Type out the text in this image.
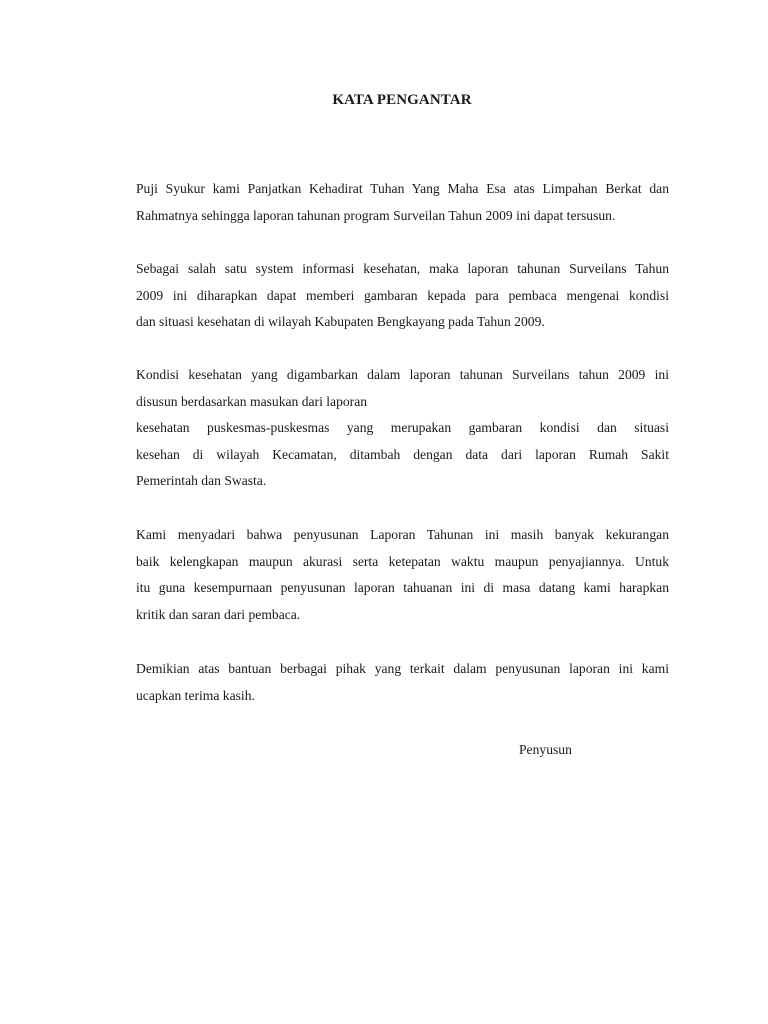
KATA PENGANTAR
Puji Syukur kami Panjatkan Kehadirat Tuhan Yang Maha Esa atas Limpahan Berkat dan
Rahmatnya sehingga laporan tahunan program Surveilan Tahun 2009 ini dapat tersusun.
Sebagai salah satu system informasi kesehatan, maka laporan tahunan Surveilans Tahun
2009 ini diharapkan dapat memberi gambaran kepada para pembaca mengenai kondisi
dan situasi kesehatan di wilayah Kabupaten Bengkayang pada Tahun 2009.
Kondisi kesehatan yang digambarkan dalam laporan tahunan Surveilans tahun 2009 ini
disusun berdasarkan masukan dari laporan
kesehatan puskesmas-puskesmas yang merupakan gambaran kondisi dan situasi
kesehan di wilayah Kecamatan, ditambah dengan data dari laporan Rumah Sakit
Pemerintah dan Swasta.
Kami menyadari bahwa penyusunan Laporan Tahunan ini masih banyak kekurangan
baik kelengkapan maupun akurasi serta ketepatan waktu maupun penyajiannya. Untuk
itu guna kesempurnaan penyusunan laporan tahuanan ini di masa datang kami harapkan
kritik dan saran dari pembaca.
Demikian atas bantuan berbagai pihak yang terkait dalam penyusunan laporan ini kami
ucapkan terima kasih.
Penyusun
